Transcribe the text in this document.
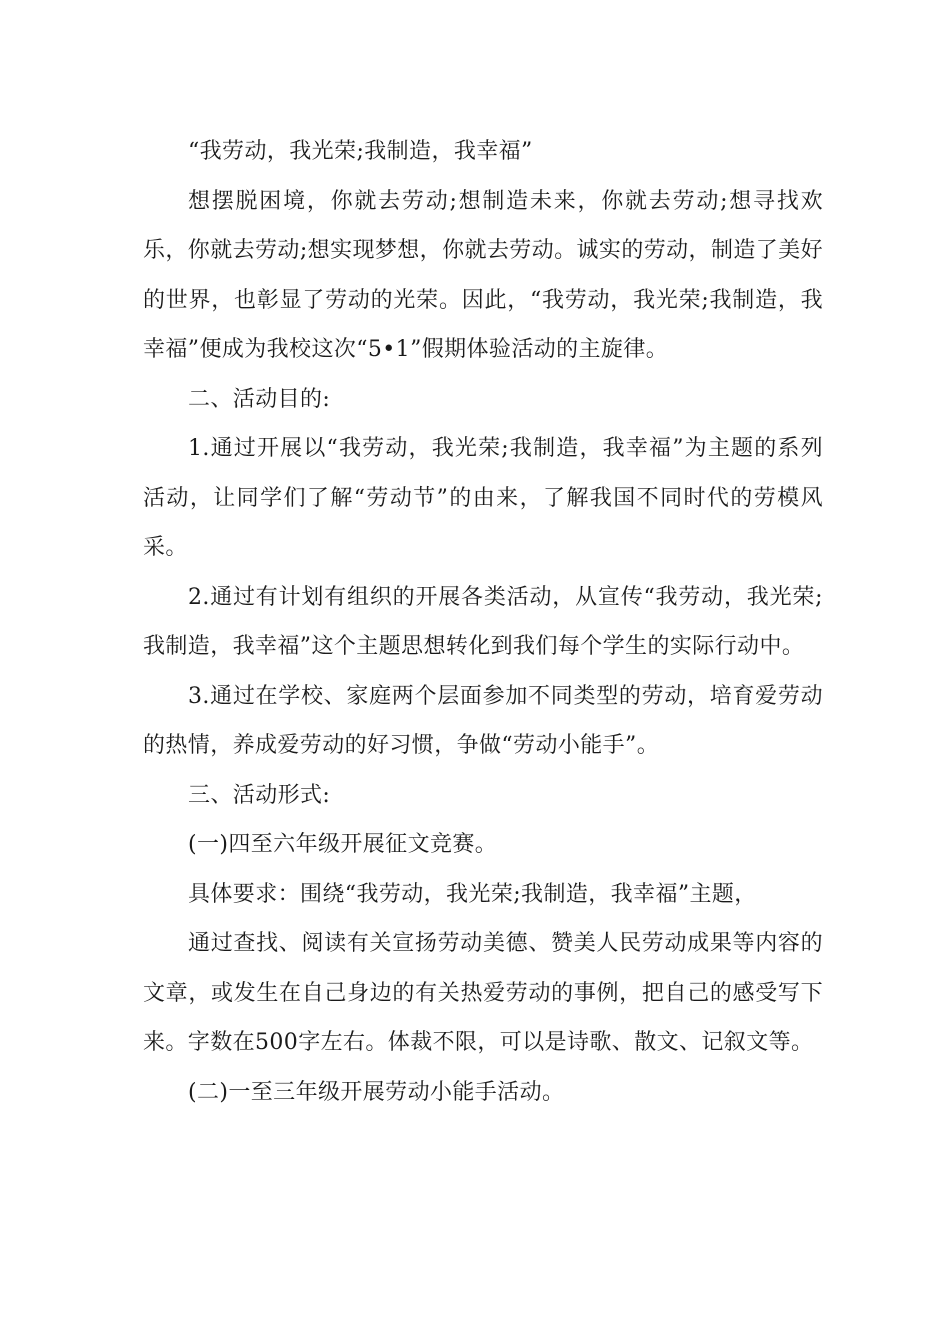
“我劳动，我光荣;我制造，我幸福”

想摆脱困境，你就去劳动;想制造未来，你就去劳动;想寻找欢乐，你就去劳动;想实现梦想，你就去劳动。诚实的劳动，制造了美好的世界，也彰显了劳动的光荣。因此，“我劳动，我光荣;我制造，我幸福”便成为我校这次“5•1”假期体验活动的主旋律。

二、活动目的:

1.通过开展以“我劳动，我光荣;我制造，我幸福”为主题的系列活动，让同学们了解“劳动节”的由来，了解我国不同时代的劳模风采。

2.通过有计划有组织的开展各类活动，从宣传“我劳动，我光荣;我制造，我幸福”这个主题思想转化到我们每个学生的实际行动中。

3.通过在学校、家庭两个层面参加不同类型的劳动，培育爱劳动的热情，养成爱劳动的好习惯，争做“劳动小能手”。

三、活动形式:

(一)四至六年级开展征文竞赛。

具体要求：围绕“我劳动，我光荣;我制造，我幸福”主题，

通过查找、阅读有关宣扬劳动美德、赞美人民劳动成果等内容的文章，或发生在自己身边的有关热爱劳动的事例，把自己的感受写下来。字数在500字左右。体裁不限，可以是诗歌、散文、记叙文等。

(二)一至三年级开展劳动小能手活动。
